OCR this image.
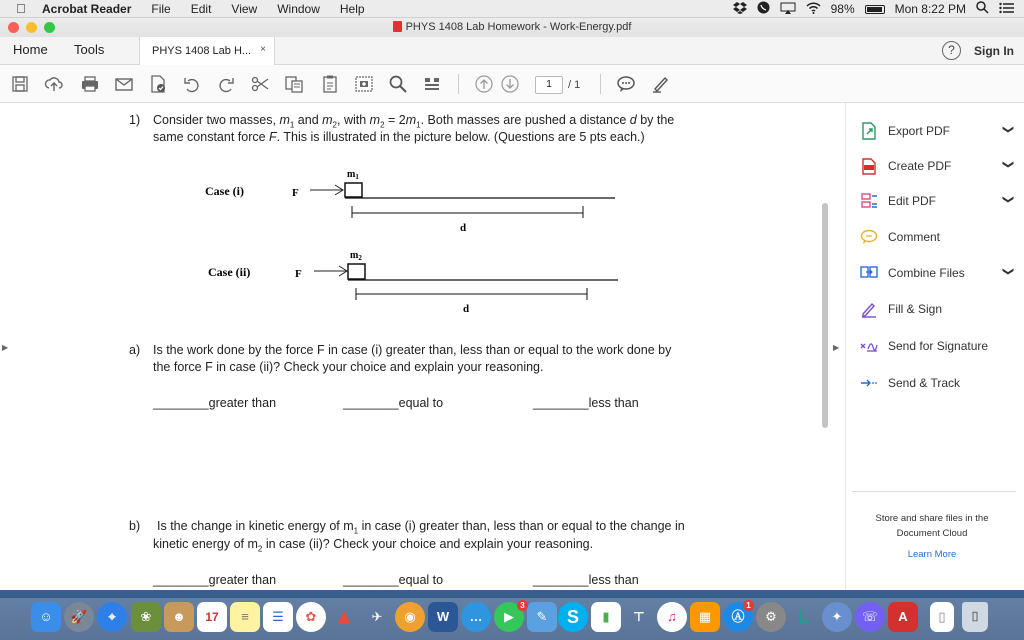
Acrobat Reader File Edit View Window Help	98%	Mon 8:22 PM
PHYS 1408 Lab Homework - Work-Energy.pdf
Home Tools	PHYS 1408 Lab H... ×	?	Sign In
1	/ 1
▶	▶
1) Consider two masses, $m_1$ and $m_2$, with $m_2 = 2m_1$. Both masses are pushed a distance d by the

same constant force F. This is illustrated in the picture below. (Questions are 5 pts each.)

Case (i)	F
$m_1$
d
Case (ii)	F
$m_2$
d
a) Is the work done by the force F in case (i) greater than, less than or equal to the work done by

the force F in case (ii)? Check your choice and explain your reasoning.

________greater than	________equal to	________less than

b) Is the change in kinetic energy of $m_1$ in case (i) greater than, less than or equal to the change in

kinetic energy of $m_2$ in case (ii)? Check your choice and explain your reasoning.

________greater than	________equal to	________less than

Export PDF	❯
Create PDF	❯
Edit PDF	❯
Comment
Combine Files	❯
Fill & Sign
Send for Signature
Send & Track
Store and share files in the
Document Cloud
Learn More
☺	🚀	⌖	❀	☻	17	≡	☰	✿ ▲	✈	◉	W	…	▶	✎
3
S	▮	⊤	♫	▦	Ⓐ
1
⚙	L	✦	☏	A	▯	⌷
